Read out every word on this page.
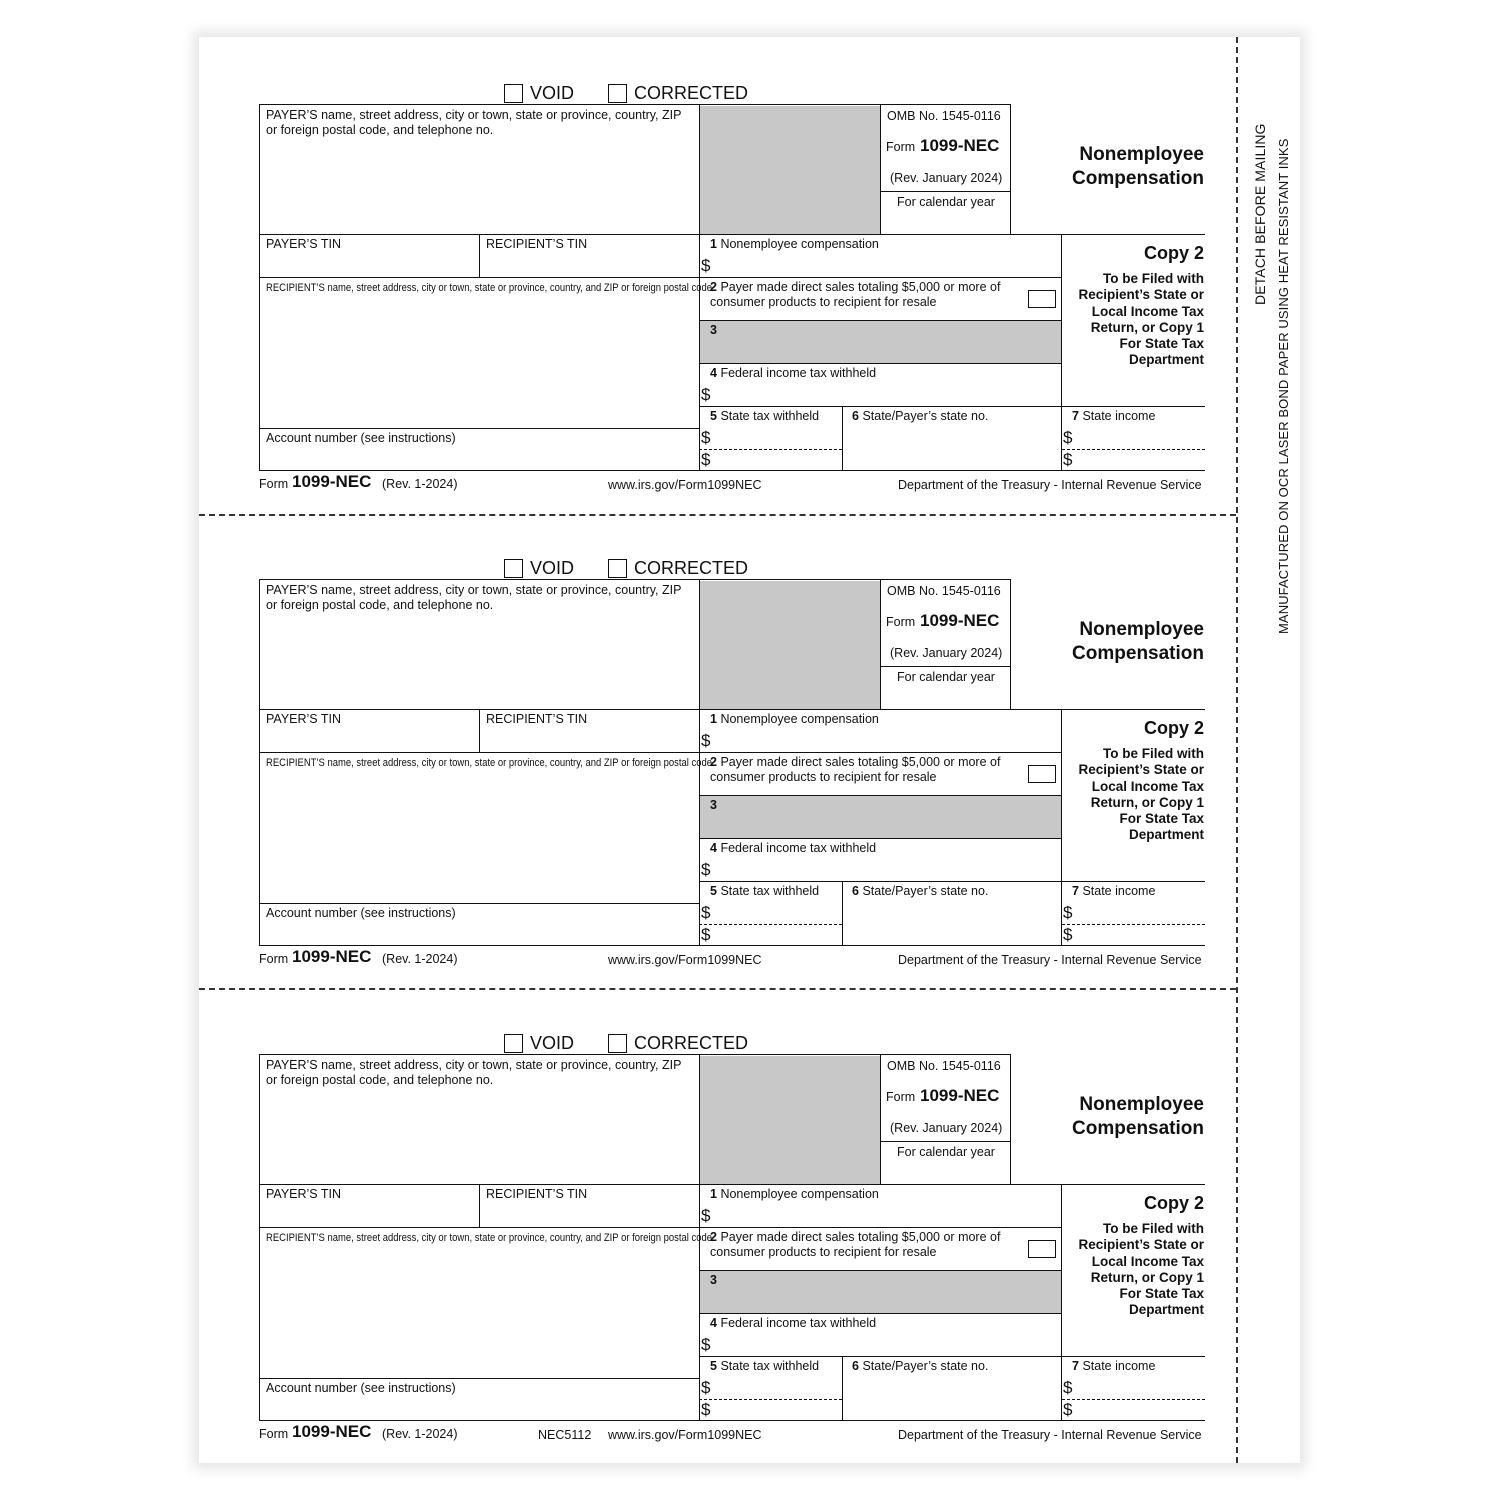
DETACH BEFORE MAILING MANUFACTURED ON OCR LASER BOND PAPER USING HEAT RESISTANT INKS
VOID	CORRECTED
PAYER’S name, street address, city or town, state or province, country, ZIP
or foreign postal code, and telephone no.
OMB No. 1545-0116
Form 1099-NEC
(Rev. January 2024)
For calendar year
Nonemployee
Compensation
PAYER’S TIN	RECIPIENT’S TIN
RECIPIENT’S name, street address, city or town, state or province, country, and ZIP or foreign postal code
Account number (see instructions)
1 Nonemployee compensation
$
2 Payer made direct sales totaling $5,000 or more of
consumer products to recipient for resale
3
4 Federal income tax withheld
$
5 State tax withheld
$
$
6 State/Payer’s state no.	7 State income
$
$
Copy 2
To be Filed with
Recipient’s State or
Local Income Tax
Return, or Copy 1
For State Tax
Department
Form 1099-NEC (Rev. 1-2024)	www.irs.gov/Form1099NEC	Department of the Treasury - Internal Revenue Service
VOID	CORRECTED
PAYER’S name, street address, city or town, state or province, country, ZIP
or foreign postal code, and telephone no.
OMB No. 1545-0116
Form 1099-NEC
(Rev. January 2024)
For calendar year
Nonemployee
Compensation
PAYER’S TIN	RECIPIENT’S TIN
RECIPIENT’S name, street address, city or town, state or province, country, and ZIP or foreign postal code
Account number (see instructions)
1 Nonemployee compensation
$
2 Payer made direct sales totaling $5,000 or more of
consumer products to recipient for resale
3
4 Federal income tax withheld
$
5 State tax withheld
$
$
6 State/Payer’s state no.	7 State income
$
$
Copy 2
To be Filed with
Recipient’s State or
Local Income Tax
Return, or Copy 1
For State Tax
Department
Form 1099-NEC (Rev. 1-2024)	www.irs.gov/Form1099NEC	Department of the Treasury - Internal Revenue Service
VOID	CORRECTED
PAYER’S name, street address, city or town, state or province, country, ZIP
or foreign postal code, and telephone no.
OMB No. 1545-0116
Form 1099-NEC
(Rev. January 2024)
For calendar year
Nonemployee
Compensation
PAYER’S TIN	RECIPIENT’S TIN
RECIPIENT’S name, street address, city or town, state or province, country, and ZIP or foreign postal code
Account number (see instructions)
1 Nonemployee compensation
$
2 Payer made direct sales totaling $5,000 or more of
consumer products to recipient for resale
3
4 Federal income tax withheld
$
5 State tax withheld
$
$
6 State/Payer’s state no.	7 State income
$
$
Copy 2
To be Filed with
Recipient’s State or
Local Income Tax
Return, or Copy 1
For State Tax
Department
Form 1099-NEC (Rev. 1-2024)	www.irs.gov/Form1099NEC	Department of the Treasury - Internal Revenue Service
NEC5112
